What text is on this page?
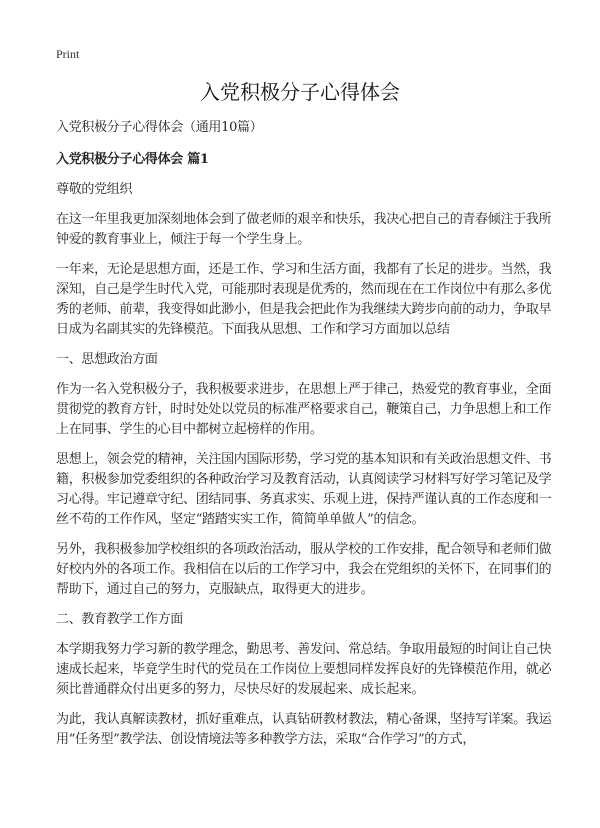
Print
入党积极分子心得体会

入党积极分子心得体会（通用10篇）

入党积极分子心得体会 篇1

尊敬的党组织

在这一年里我更加深刻地体会到了做老师的艰辛和快乐，我决心把自己的青春倾注于我所钟爱的教育事业上，倾注于每一个学生身上。

一年来，无论是思想方面，还是工作、学习和生活方面，我都有了长足的进步。当然，我深知，自己是学生时代入党，可能那时表现是优秀的，然而现在在工作岗位中有那么多优秀的老师、前辈，我变得如此渺小，但是我会把此作为我继续大跨步向前的动力，争取早日成为名副其实的先锋模范。下面我从思想、工作和学习方面加以总结

一、思想政治方面

作为一名入党积极分子，我积极要求进步，在思想上严于律己，热爱党的教育事业，全面贯彻党的教育方针，时时处处以党员的标准严格要求自己，鞭策自己，力争思想上和工作上在同事、学生的心目中都树立起榜样的作用。

思想上，领会党的精神，关注国内国际形势，学习党的基本知识和有关政治思想文件、书籍，积极参加党委组织的各种政治学习及教育活动，认真阅读学习材料写好学习笔记及学习心得。牢记遵章守纪、团结同事、务真求实、乐观上进，保持严谨认真的工作态度和一丝不苟的工作作风，坚定“踏踏实实工作，简简单单做人”的信念。

另外，我积极参加学校组织的各项政治活动，服从学校的工作安排，配合领导和老师们做好校内外的各项工作。我相信在以后的工作学习中，我会在党组织的关怀下，在同事们的帮助下，通过自己的努力，克服缺点，取得更大的进步。

二、教育教学工作方面

本学期我努力学习新的教学理念，勤思考、善发问、常总结。争取用最短的时间让自己快速成长起来，毕竟学生时代的党员在工作岗位上要想同样发挥良好的先锋模范作用，就必须比普通群众付出更多的努力，尽快尽好的发展起来、成长起来。

为此，我认真解读教材，抓好重难点，认真钻研教材教法，精心备课，坚持写详案。我运用“任务型”教学法、创设情境法等多种教学方法，采取“合作学习”的方式，
